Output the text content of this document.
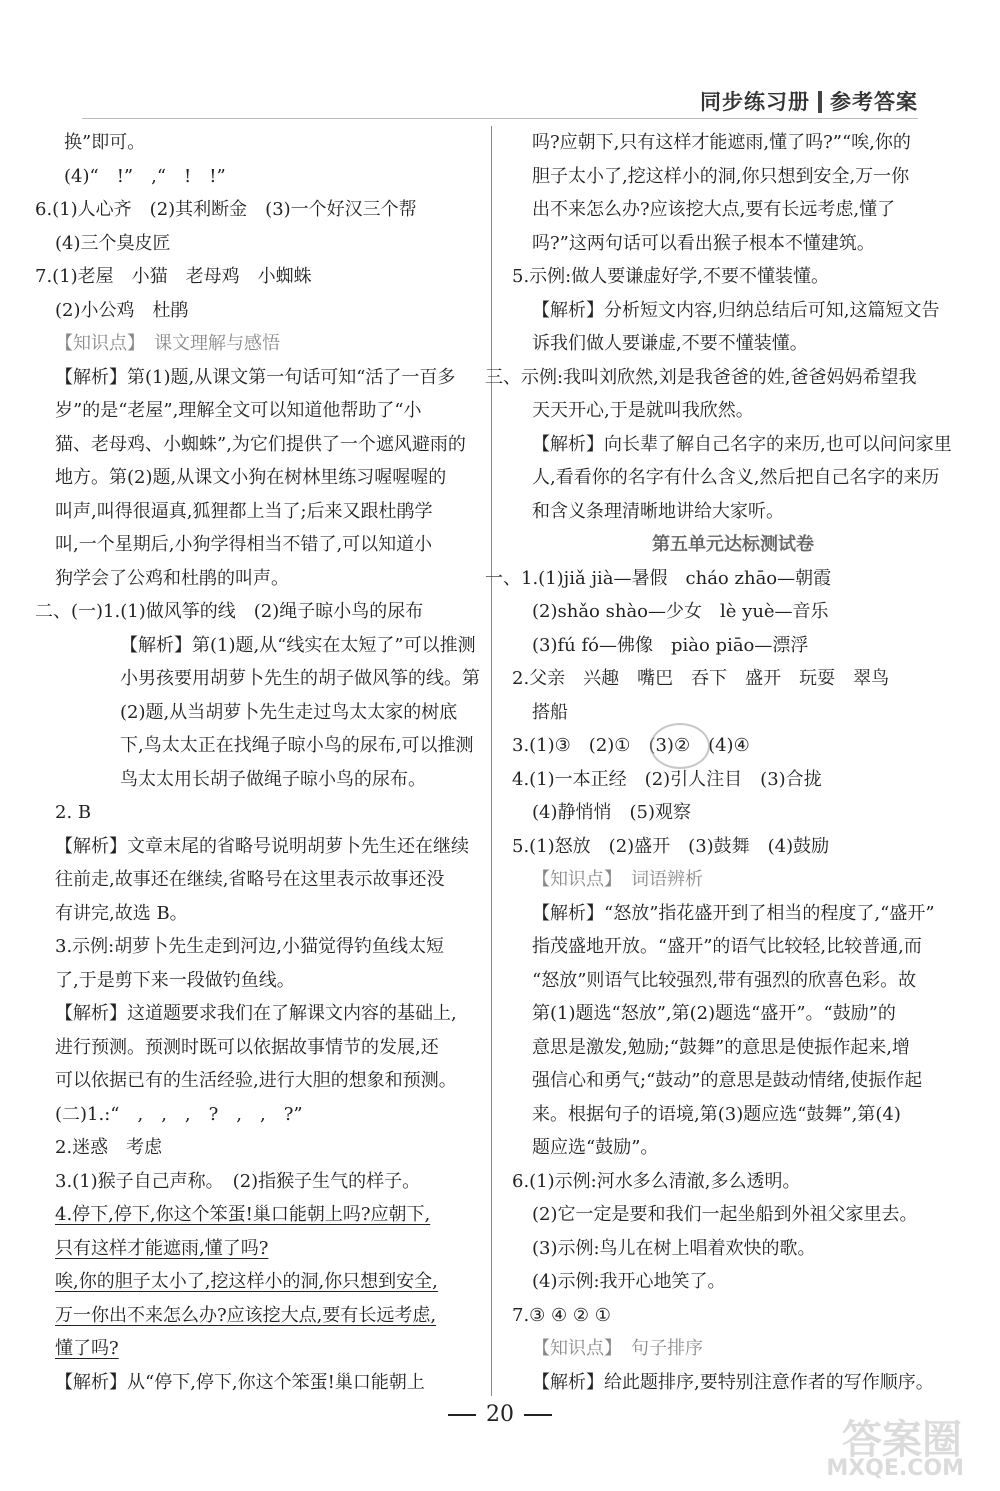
同步练习册 参考答案
换”即可。
(4)“　!”　,“　!　!”
6.(1)人心齐　(2)其利断金　(3)一个好汉三个帮
(4)三个臭皮匠
7.(1)老屋　小猫　老母鸡　小蜘蛛
(2)小公鸡　杜鹃
【知识点】　课文理解与感悟
【解析】第(1)题,从课文第一句话可知“活了一百多
岁”的是“老屋”,理解全文可以知道他帮助了“小
猫、老母鸡、小蜘蛛”,为它们提供了一个遮风避雨的
地方。第(2)题,从课文小狗在树林里练习喔喔喔的
叫声,叫得很逼真,狐狸都上当了;后来又跟杜鹃学
叫,一个星期后,小狗学得相当不错了,可以知道小
狗学会了公鸡和杜鹃的叫声。
二、(一)1.(1)做风筝的线　(2)绳子晾小鸟的尿布
【解析】第(1)题,从“线实在太短了”可以推测
小男孩要用胡萝卜先生的胡子做风筝的线。第
(2)题,从当胡萝卜先生走过鸟太太家的树底
下,鸟太太正在找绳子晾小鸟的尿布,可以推测
鸟太太用长胡子做绳子晾小鸟的尿布。
2. B
【解析】文章末尾的省略号说明胡萝卜先生还在继续
往前走,故事还在继续,省略号在这里表示故事还没
有讲完,故选 B。
3.示例:胡萝卜先生走到河边,小猫觉得钓鱼线太短
了,于是剪下来一段做钓鱼线。
【解析】这道题要求我们在了解课文内容的基础上,
进行预测。预测时既可以依据故事情节的发展,还
可以依据已有的生活经验,进行大胆的想象和预测。
(二)1.:“　,　,　,　?　,　,　?”
2.迷惑　考虑
3.(1)猴子自己声称。　(2)指猴子生气的样子。
4.停下,停下,你这个笨蛋!巢口能朝上吗?应朝下,
只有这样才能遮雨,懂了吗?
唉,你的胆子太小了,挖这样小的洞,你只想到安全,
万一你出不来怎么办?应该挖大点,要有长远考虑,
懂了吗?
【解析】从“停下,停下,你这个笨蛋!巢口能朝上
吗?应朝下,只有这样才能遮雨,懂了吗?”“唉,你的
胆子太小了,挖这样小的洞,你只想到安全,万一你
出不来怎么办?应该挖大点,要有长远考虑,懂了
吗?”这两句话可以看出猴子根本不懂建筑。
5.示例:做人要谦虚好学,不要不懂装懂。
【解析】分析短文内容,归纳总结后可知,这篇短文告
诉我们做人要谦虚,不要不懂装懂。
三、示例:我叫刘欣然,刘是我爸爸的姓,爸爸妈妈希望我
天天开心,于是就叫我欣然。
【解析】向长辈了解自己名字的来历,也可以问问家里
人,看看你的名字有什么含义,然后把自己名字的来历
和含义条理清晰地讲给大家听。
第五单元达标测试卷
一、1.(1)jiǎ jià—暑假　cháo zhāo—朝霞
(2)shǎo shào—少女　lè yuè—音乐
(3)fú fó—佛像　piào piāo—漂浮
2.父亲　兴趣　嘴巴　吞下　盛开　玩耍　翠鸟
搭船
3.(1)③　(2)①　(3)②　(4)④
4.(1)一本正经　(2)引人注目　(3)合拢
(4)静悄悄　(5)观察
5.(1)怒放　(2)盛开　(3)鼓舞　(4)鼓励
【知识点】　词语辨析
【解析】“怒放”指花盛开到了相当的程度了,“盛开”
指茂盛地开放。“盛开”的语气比较轻,比较普通,而
“怒放”则语气比较强烈,带有强烈的欣喜色彩。故
第(1)题选“怒放”,第(2)题选“盛开”。“鼓励”的
意思是激发,勉励;“鼓舞”的意思是使振作起来,增
强信心和勇气;“鼓动”的意思是鼓动情绪,使振作起
来。根据句子的语境,第(3)题应选“鼓舞”,第(4)
题应选“鼓励”。
6.(1)示例:河水多么清澈,多么透明。
(2)它一定是要和我们一起坐船到外祖父家里去。
(3)示例:鸟儿在树上唱着欢快的歌。
(4)示例:我开心地笑了。
7.③ ④ ② ①
【知识点】　句子排序
【解析】给此题排序,要特别注意作者的写作顺序。
20
答案圈
MXQE.COM
